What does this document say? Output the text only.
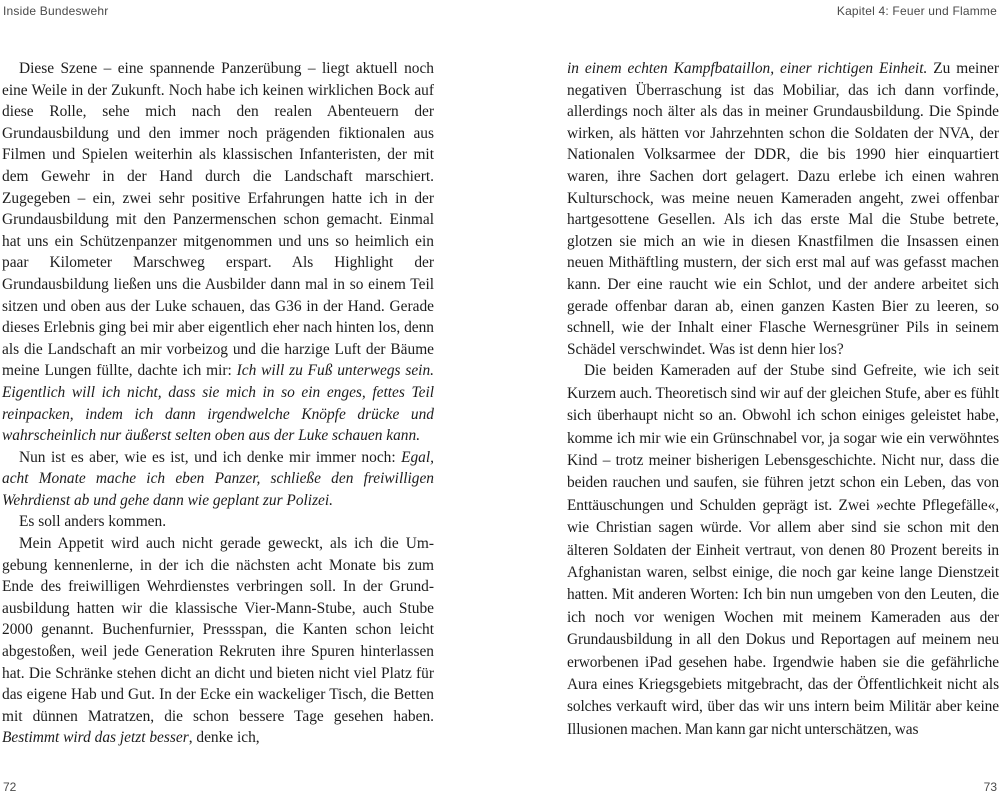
Inside Bundeswehr	Kapitel 4: Feuer und Flamme

Diese Szene – eine spannende Panzerübung – liegt aktuell noch eine Weile in der Zukunft. Noch habe ich keinen wirklichen Bock auf diese Rolle, sehe mich nach den realen Abenteuern der Grundausbildung und den immer noch prägenden fiktionalen aus Filmen und Spielen weiterhin als klassischen Infanteristen, der mit dem Gewehr in der Hand durch die Landschaft marschiert. Zugegeben – ein, zwei sehr positive Erfahrungen hatte ich in der Grundausbildung mit den Panzermenschen schon gemacht. Einmal hat uns ein Schützenpanzer mitgenommen und uns so heimlich ein paar Kilometer Marschweg erspart. Als Highlight der Grundausbildung ließen uns die Ausbilder dann mal in so einem Teil sitzen und oben aus der Luke schauen, das G36 in der Hand. Gerade dieses Erlebnis ging bei mir aber eigentlich eher nach hinten los, denn als die Landschaft an mir vorbeizog und die harzige Luft der Bäume meine Lungen füllte, dachte ich mir: Ich will zu Fuß unterwegs sein. Eigentlich will ich nicht, dass sie mich in so ein enges, fettes Teil reinpacken, indem ich dann irgendwelche Knöpfe drücke und wahrscheinlich nur äußerst selten oben aus der Luke schauen kann.

Nun ist es aber, wie es ist, und ich denke mir immer noch: Egal, acht Monate mache ich eben Panzer, schließe den freiwilligen Wehrdienst ab und gehe dann wie geplant zur Polizei.

Es soll anders kommen.

Mein Appetit wird auch nicht gerade geweckt, als ich die Umgebung kennenlerne, in der ich die nächsten acht Monate bis zum Ende des freiwilligen Wehrdienstes verbringen soll. In der Grundausbildung hatten wir die klassische Vier-Mann-Stube, auch Stube 2000 genannt. Buchenfurnier, Pressspan, die Kanten schon leicht abgestoßen, weil jede Generation Rekruten ihre Spuren hinterlassen hat. Die Schränke stehen dicht an dicht und bieten nicht viel Platz für das eigene Hab und Gut. In der Ecke ein wackeliger Tisch, die Betten mit dünnen Matratzen, die schon bessere Tage gesehen haben. Bestimmt wird das jetzt besser, denke ich,

in einem echten Kampfbataillon, einer richtigen Einheit. Zu meiner negativen Überraschung ist das Mobiliar, das ich dann vorfinde, allerdings noch älter als das in meiner Grundausbildung. Die Spinde wirken, als hätten vor Jahrzehnten schon die Soldaten der NVA, der Nationalen Volksarmee der DDR, die bis 1990 hier einquartiert waren, ihre Sachen dort gelagert. Dazu erlebe ich einen wahren Kulturschock, was meine neuen Kameraden angeht, zwei offenbar hartgesottene Gesellen. Als ich das erste Mal die Stube betrete, glotzen sie mich an wie in diesen Knastfilmen die Insassen einen neuen Mithäftling mustern, der sich erst mal auf was gefasst machen kann. Der eine raucht wie ein Schlot, und der andere arbeitet sich gerade offenbar daran ab, einen ganzen Kasten Bier zu leeren, so schnell, wie der Inhalt einer Flasche Wernesgrüner Pils in seinem Schädel verschwindet. Was ist denn hier los?

Die beiden Kameraden auf der Stube sind Gefreite, wie ich seit Kurzem auch. Theoretisch sind wir auf der gleichen Stufe, aber es fühlt sich überhaupt nicht so an. Obwohl ich schon einiges geleistet habe, komme ich mir wie ein Grünschnabel vor, ja sogar wie ein verwöhntes Kind – trotz meiner bisherigen Lebensgeschichte. Nicht nur, dass die beiden rauchen und saufen, sie führen jetzt schon ein Leben, das von Enttäuschungen und Schulden geprägt ist. Zwei »echte Pflegefälle«, wie Christian sagen würde. Vor allem aber sind sie schon mit den älteren Soldaten der Einheit vertraut, von denen 80 Prozent bereits in Afghanistan waren, selbst einige, die noch gar keine lange Dienstzeit hatten. Mit anderen Worten: Ich bin nun umgeben von den Leuten, die ich noch vor wenigen Wochen mit meinem Kameraden aus der Grundausbildung in all den Dokus und Reportagen auf meinem neu erworbenen iPad gesehen habe. Irgendwie haben sie die gefährliche Aura eines Kriegsgebiets mitgebracht, das der Öffentlichkeit nicht als solches verkauft wird, über das wir uns intern beim Militär aber keine Illusionen machen. Man kann gar nicht unterschätzen, was

72	73
